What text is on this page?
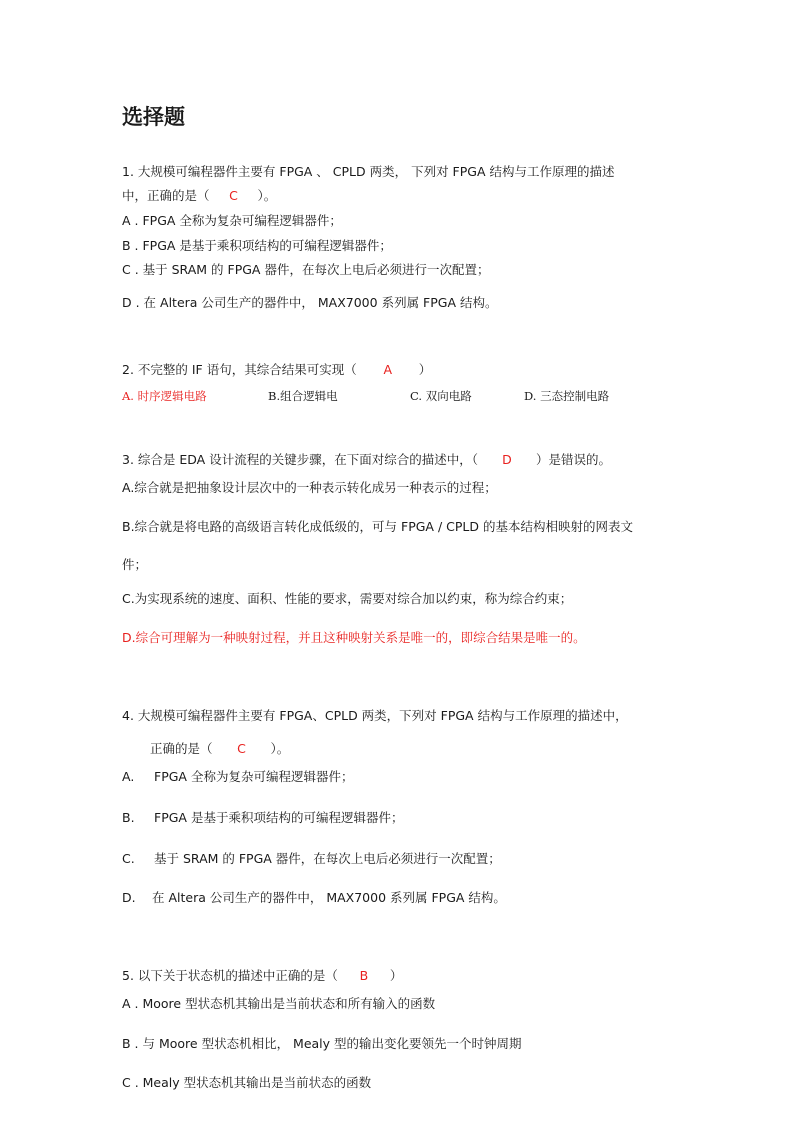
选择题
1. 大规模可编程器件主要有 FPGA 、 CPLD 两类， 下列对 FPGA 结构与工作原理的描述
中，正确的是（ C ）。
A . FPGA 全称为复杂可编程逻辑器件；
B . FPGA 是基于乘积项结构的可编程逻辑器件；
C . 基于 SRAM 的 FPGA 器件，在每次上电后必须进行一次配置；
D . 在 Altera 公司生产的器件中， MAX7000 系列属 FPGA 结构。
2. 不完整的 IF 语句，其综合结果可实现（ A ）
A. 时序逻辑电路	B.组合逻辑电	C. 双向电路	D. 三态控制电路
3. 综合是 EDA 设计流程的关键步骤，在下面对综合的描述中，（ D ）是错误的。
A.综合就是把抽象设计层次中的一种表示转化成另一种表示的过程；
B.综合就是将电路的高级语言转化成低级的，可与 FPGA / CPLD 的基本结构相映射的网表文
件；
C.为实现系统的速度、面积、性能的要求，需要对综合加以约束，称为综合约束；
D.综合可理解为一种映射过程，并且这种映射关系是唯一的，即综合结果是唯一的。
4. 大规模可编程器件主要有 FPGA、CPLD 两类，下列对 FPGA 结构与工作原理的描述中，
正确的是（ C ）。
A. FPGA 全称为复杂可编程逻辑器件；
B. FPGA 是基于乘积项结构的可编程逻辑器件；
C. 基于 SRAM 的 FPGA 器件，在每次上电后必须进行一次配置；
D. 在 Altera 公司生产的器件中， MAX7000 系列属 FPGA 结构。
5. 以下关于状态机的描述中正确的是（ B ）
A . Moore 型状态机其输出是当前状态和所有输入的函数
B . 与 Moore 型状态机相比， Mealy 型的输出变化要领先一个时钟周期
C . Mealy 型状态机其输出是当前状态的函数
